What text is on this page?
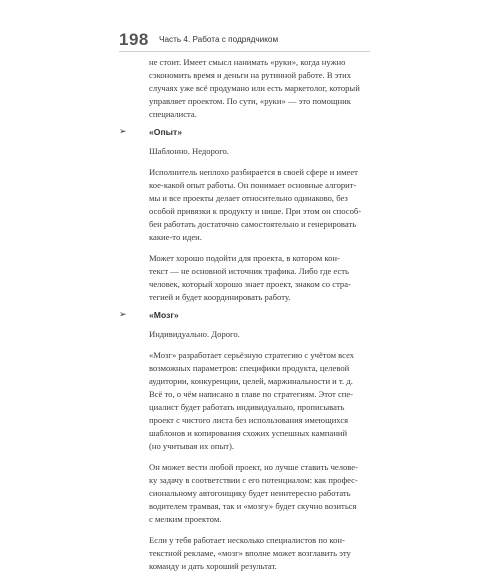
198 Часть 4. Работа с подрядчиком
не стоит. Имеет смысл нанимать «руки», когда нужно
сэкономить время и деньги на рутинной работе. В этих
случаях уже всё продумано или есть маркетолог, который
управляет проектом. По сути, «руки» — это помощник
специалиста.
➢	«Опыт»
Шаблонно. Недорого.
Исполнитель неплохо разбирается в своей сфере и имеет
кое-какой опыт работы. Он понимает основные алгорит-
мы и все проекты делает относительно одинаково, без
особой привязки к продукту и нише. При этом он способ-
бен работать достаточно самостоятельно и генерировать
какие-то идеи.
Может хорошо подойти для проекта, в котором кон-
текст — не основной источник трафика. Либо где есть
человек, который хорошо знает проект, знаком со стра-
тегией и будет координировать работу.
➢	«Мозг»
Индивидуально. Дорого.
«Мозг» разработает серьёзную стратегию с учётом всех
возможных параметров: специфики продукта, целевой
аудитории, конкуренции, целей, маржинальности и т. д.
Всё то, о чём написано в главе по стратегиям. Этот спе-
циалист будет работать индивидуально, прописывать
проект с чистого листа без использования имеющихся
шаблонов и копирования схожих успешных кампаний
(но учитывая их опыт).
Он может вести любой проект, но лучше ставить челове-
ку задачу в соответствии с его потенциалом: как профес-
сиональному автогонщику будет неинтересно работать
водителем трамвая, так и «мозгу» будет скучно возиться
с мелким проектом.
Если у тебя работает несколько специалистов по кон-
текстной рекламе, «мозг» вполне может возглавить эту
команду и дать хороший результат.
